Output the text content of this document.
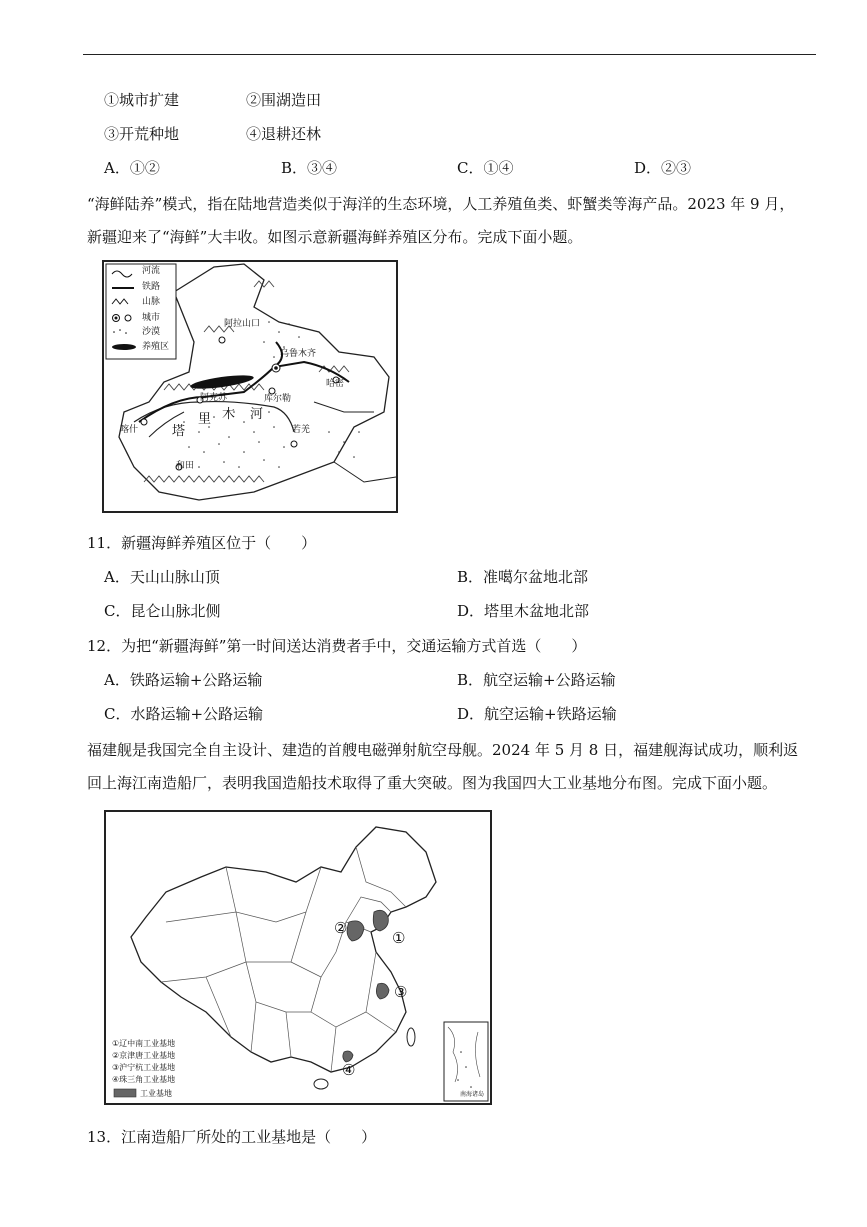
①城市扩建	②围湖造田
③开荒种地	④退耕还林
A．①②	B．③④	C．①④	D．②③
“海鲜陆养”模式，指在陆地营造类似于海洋的生态环境，人工养殖鱼类、虾蟹类等海产品。2023 年 9 月，
新疆迎来了“海鲜”大丰收。如图示意新疆海鲜养殖区分布。完成下面小题。
河流
铁路
山脉
城市
沙漠
养殖区
阿拉山口
乌鲁木齐
哈密
阿克苏	库尔勒
喀什
和田
若羌
塔
里 木 河
11．新疆海鲜养殖区位于（　　）
A．天山山脉山顶	B．准噶尔盆地北部
C．昆仑山脉北侧	D．塔里木盆地北部
12．为把“新疆海鲜”第一时间送达消费者手中，交通运输方式首选（　　）
A．铁路运输+公路运输	B．航空运输+公路运输
C．水路运输+公路运输	D．航空运输+铁路运输
福建舰是我国完全自主设计、建造的首艘电磁弹射航空母舰。2024 年 5 月 8 日，福建舰海试成功，顺利返
回上海江南造船厂，表明我国造船技术取得了重大突破。图为我国四大工业基地分布图。完成下面小题。
①
②
③
④
①辽中南工业基地
②京津唐工业基地
③沪宁杭工业基地
④珠三角工业基地
工业基地	南海诸岛
13．江南造船厂所处的工业基地是（　　）
